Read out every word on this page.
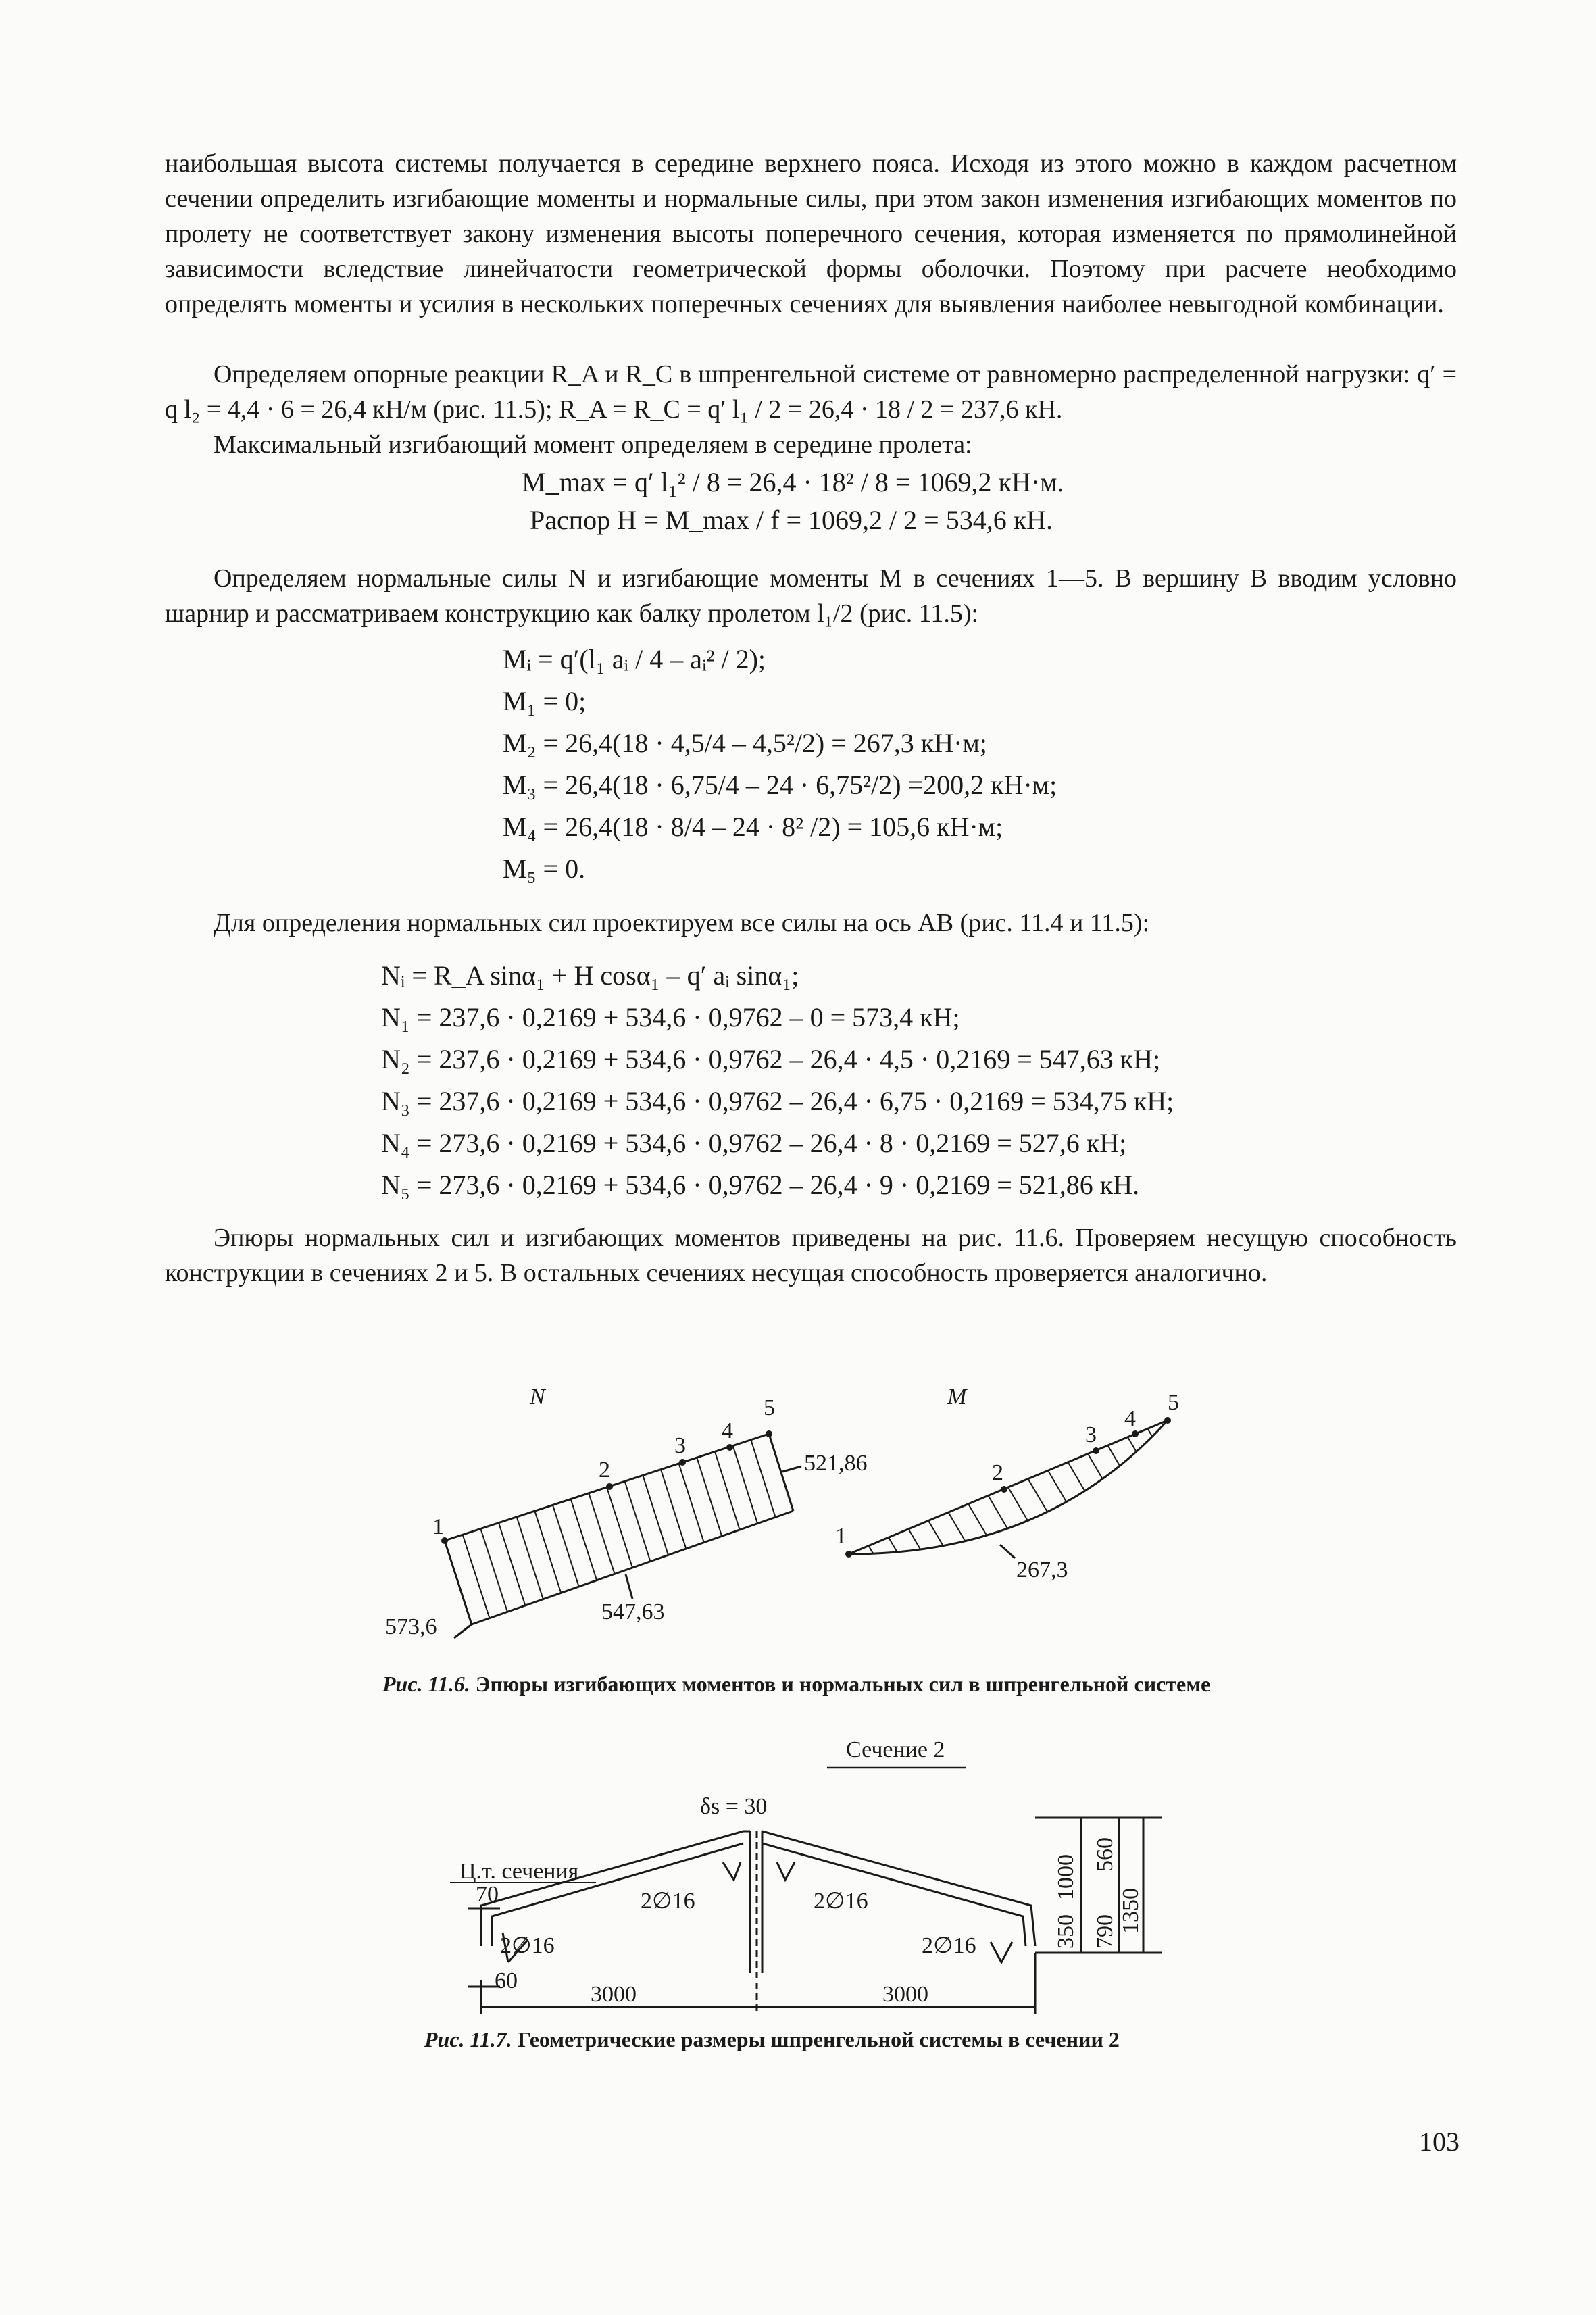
наибольшая высота системы получается в середине верхнего пояса. Исходя из этого можно в каждом расчетном сечении определить изгибающие моменты и нормальные силы, при этом закон изменения изгибающих моментов по пролету не соответствует закону изменения высоты поперечного сечения, которая изменяется по прямолинейной зависимости вследствие линейчатости геометрической формы оболочки. Поэтому при расчете необходимо определять моменты и усилия в нескольких поперечных сечениях для выявления наиболее невыгодной комбинации.
Определяем опорные реакции R_A и R_C в шпренгельной системе от равномерно распределенной нагрузки: q′ = q l₂ = 4,4 · 6 = 26,4 кН/м (рис. 11.5); R_A = R_C = q′ l₁ / 2 = 26,4 · 18 / 2 = 237,6 кН.
Максимальный изгибающий момент определяем в середине пролета:
M_max = q′ l₁² / 8 = 26,4 · 18² / 8 = 1069,2 кН·м.
Распор H = M_max / f = 1069,2 / 2 = 534,6 кН.
Определяем нормальные силы N и изгибающие моменты M в сечениях 1—5. В вершину B вводим условно шарнир и рассматриваем конструкцию как балку пролетом l₁/2 (рис. 11.5):
Mᵢ = q′(l₁ aᵢ / 4 – aᵢ² / 2);
M₁ = 0;
M₂ = 26,4(18 · 4,5/4 – 4,5²/2) = 267,3 кН·м;
M₃ = 26,4(18 · 6,75/4 – 24 · 6,75²/2) =200,2 кН·м;
M₄ = 26,4(18 · 8/4 – 24 · 8² /2) = 105,6 кН·м;
M₅ = 0.
Для определения нормальных сил проектируем все силы на ось AB (рис. 11.4 и 11.5):
Nᵢ = R_A sinα₁ + H cosα₁ – q′ aᵢ sinα₁;
N₁ = 237,6 · 0,2169 + 534,6 · 0,9762 – 0 = 573,4 кН;
N₂ = 237,6 · 0,2169 + 534,6 · 0,9762 – 26,4 · 4,5 · 0,2169 = 547,63 кН;
N₃ = 237,6 · 0,2169 + 534,6 · 0,9762 – 26,4 · 6,75 · 0,2169 = 534,75 кН;
N₄ = 273,6 · 0,2169 + 534,6 · 0,9762 – 26,4 · 8 · 0,2169 = 527,6 кН;
N₅ = 273,6 · 0,2169 + 534,6 · 0,9762 – 26,4 · 9 · 0,2169 = 521,86 кН.
Эпюры нормальных сил и изгибающих моментов приведены на рис. 11.6. Проверяем несущую способность конструкции в сечениях 2 и 5. В остальных сечениях несущая способность проверяется аналогично.
N
1
2
3
4
5
573,6
547,63
521,86
M
1
2
3
4
5
267,3
Рис. 11.6. Эпюры изгибающих моментов и нормальных сил в шпренгельной системе
Сечение 2
δs = 30
Ц.т. сечения
70
60
2∅16
2∅16	2∅16
2∅16
3000	3000
1000 560
1350
790
350
Рис. 11.7. Геометрические размеры шпренгельной системы в сечении 2
103
